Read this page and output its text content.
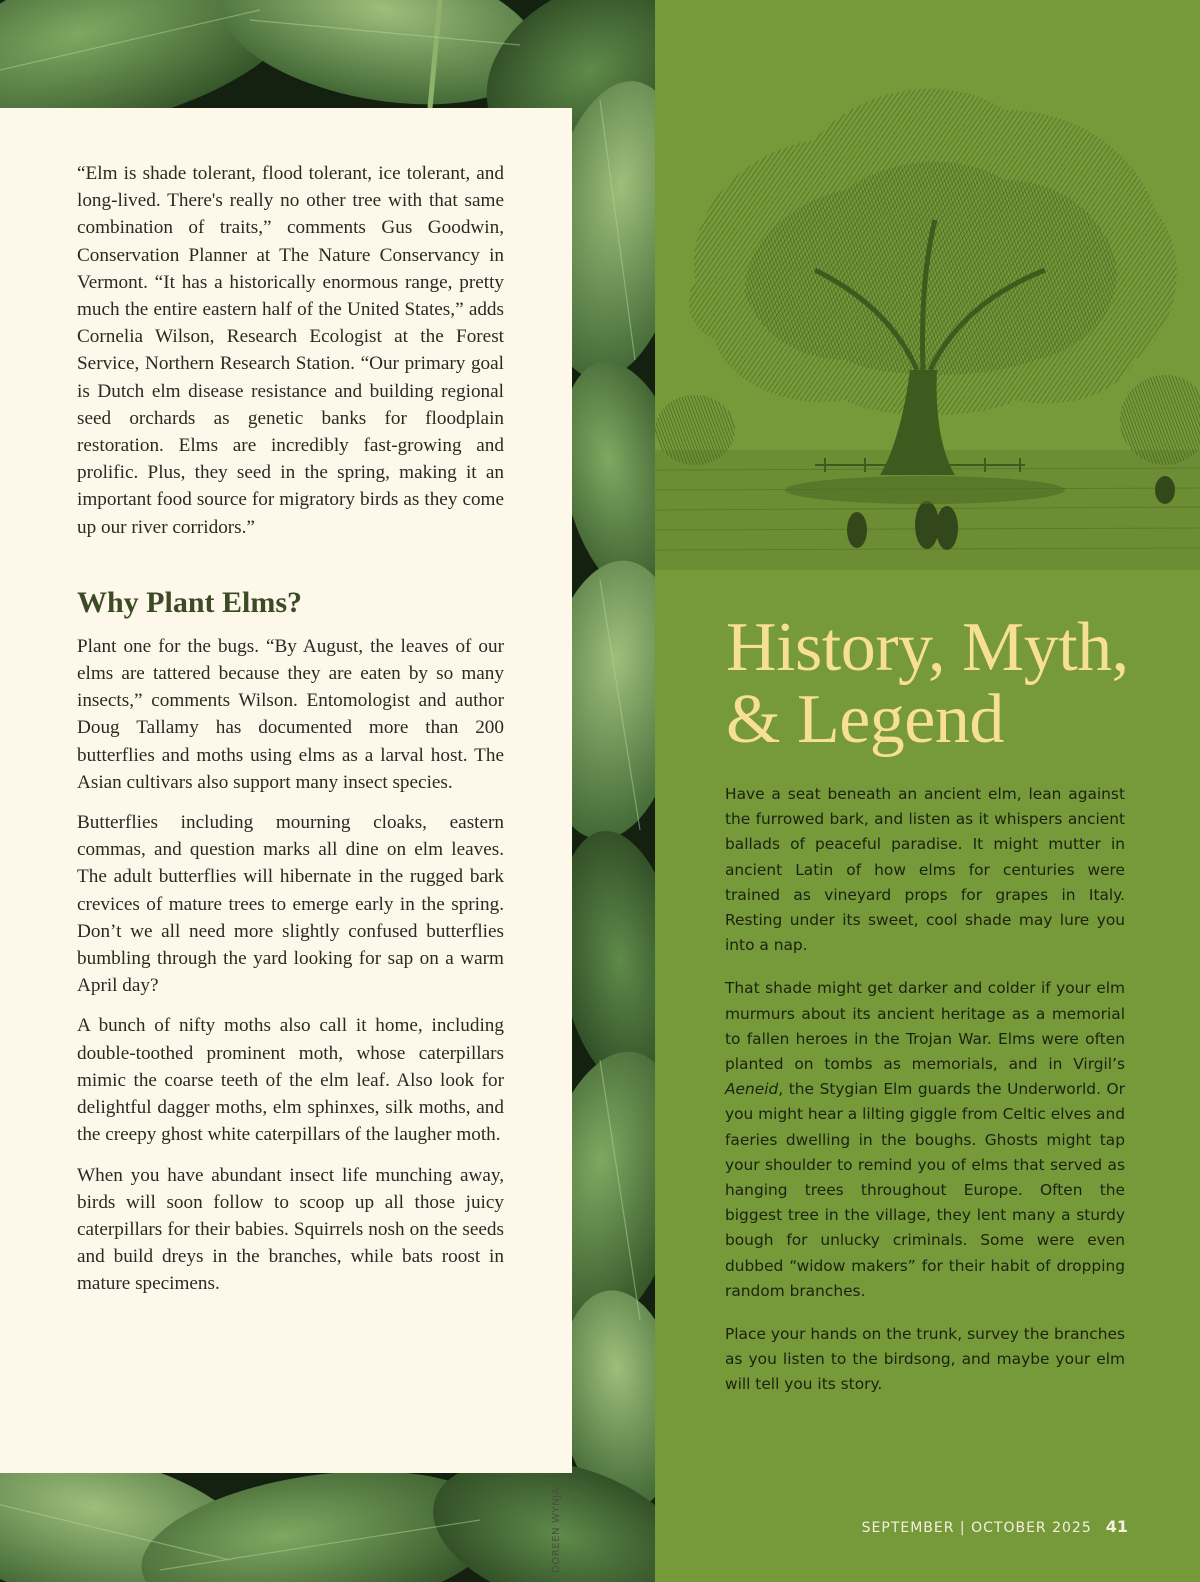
“Elm is shade tolerant, flood tolerant, ice tolerant, and long-lived. There's really no other tree with that same combination of traits,” comments Gus Goodwin, Conservation Planner at The Nature Conservancy in Vermont. “It has a historically enormous range, pretty much the entire eastern half of the United States,” adds Cornelia Wilson, Research Ecologist at the Forest Service, Northern Research Station. “Our primary goal is Dutch elm disease resistance and building regional seed orchards as genetic banks for floodplain restoration. Elms are incredibly fast-growing and prolific. Plus, they seed in the spring, making it an important food source for migratory birds as they come up our river corridors.”

Why Plant Elms?

Plant one for the bugs. “By August, the leaves of our elms are tattered because they are eaten by so many insects,” comments Wilson. Entomologist and author Doug Tallamy has documented more than 200 butterflies and moths using elms as a larval host. The Asian cultivars also support many insect species.

Butterflies including mourning cloaks, eastern commas, and question marks all dine on elm leaves. The adult butterflies will hibernate in the rugged bark crevices of mature trees to emerge early in the spring. Don’t we all need more slightly confused butterflies bumbling through the yard looking for sap on a warm April day?

A bunch of nifty moths also call it home, including double-toothed prominent moth, whose caterpillars mimic the coarse teeth of the elm leaf. Also look for delightful dagger moths, elm sphinxes, silk moths, and the creepy ghost white caterpillars of the laugher moth.

When you have abundant insect life munching away, birds will soon follow to scoop up all those juicy caterpillars for their babies. Squirrels nosh on the seeds and build dreys in the branches, while bats roost in mature specimens.

DOREEN WYNJA
History, Myth,
& Legend

Have a seat beneath an ancient elm, lean against the furrowed bark, and listen as it whispers ancient ballads of peaceful paradise. It might mutter in ancient Latin of how elms for centuries were trained as vineyard props for grapes in Italy. Resting under its sweet, cool shade may lure you into a nap.

That shade might get darker and colder if your elm murmurs about its ancient heritage as a memorial to fallen heroes in the Trojan War. Elms were often planted on tombs as memorials, and in Virgil’s Aeneid, the Stygian Elm guards the Underworld. Or you might hear a lilting giggle from Celtic elves and faeries dwelling in the boughs. Ghosts might tap your shoulder to remind you of elms that served as hanging trees throughout Europe. Often the biggest tree in the village, they lent many a sturdy bough for unlucky criminals. Some were even dubbed “widow makers” for their habit of dropping random branches.

Place your hands on the trunk, survey the branches as you listen to the birdsong, and maybe your elm will tell you its story.

SEPTEMBER | OCTOBER 2025 41
